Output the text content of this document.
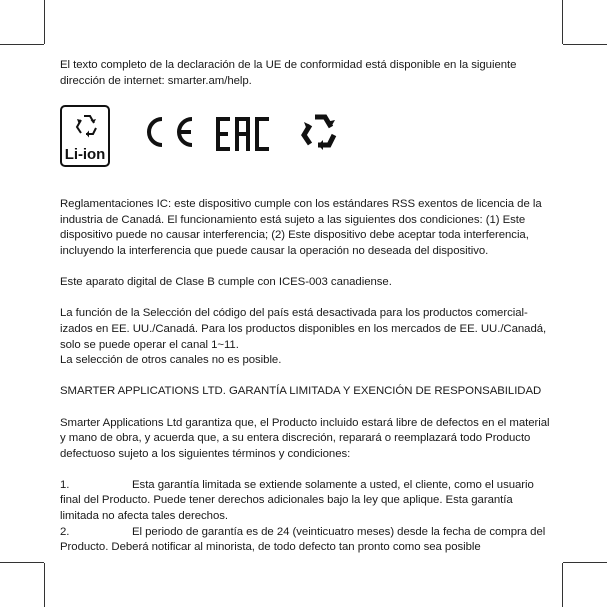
El texto completo de la declaración de la UE de conformidad está disponible en la siguiente dirección de internet: smarter.am/help.

Li-ion

Reglamentaciones IC: este dispositivo cumple con los estándares RSS exentos de licencia de la industria de Canadá. El funcionamiento está sujeto a las siguientes dos condiciones: (1) Este dispositivo puede no causar interferencia; (2) Este dispositivo debe aceptar toda interferencia, incluyendo la interferencia que puede causar la operación no deseada del dispositivo.

Este aparato digital de Clase B cumple con ICES-003 canadiense.

La función de la Selección del código del país está desactivada para los productos comercial-izados en EE. UU./Canadá. Para los productos disponibles en los mercados de EE. UU./Canadá, solo se puede operar el canal 1~11.

La selección de otros canales no es posible.

SMARTER APPLICATIONS LTD. GARANTÍA LIMITADA Y EXENCIÓN DE RESPONSABILIDAD

Smarter Applications Ltd garantiza que, el Producto incluido estará libre de defectos en el material y mano de obra, y acuerda que, a su entera discreción, reparará o reemplazará todo Producto defectuoso sujeto a los siguientes términos y condiciones:

1.	Esta garantía limitada se extiende solamente a usted, el cliente, como el usuario final del Producto. Puede tener derechos adicionales bajo la ley que aplique. Esta garantía limitada no afecta tales derechos.

2.	El periodo de garantía es de 24 (veinticuatro meses) desde la fecha de compra del Producto. Deberá notificar al minorista, de todo defecto tan pronto como sea posible
